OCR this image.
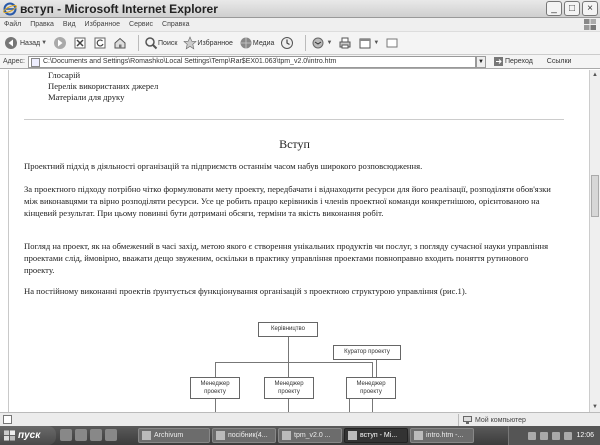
вступ - Microsoft Internet Explorer	_	□	×
Файл Правка Вид Избранное Сервис Справка
Назад ▼	Поиск	Избранное	Медиа	▼	▼
Адрес:	C:\Documents and Settings\Romashko\Local Settings\Temp\Rar$EX01.063\tpm_v2.0\intro.htm	▼	Переход Ссылки
Глосарій
Перелік використаних джерел
Матеріали для друку
Вступ
Проектний підхід в діяльності організацій та підприємств останнім часом набув широкого розповсюдження.
За проектного підходу потрібно чітко формулювати мету проекту, передбачати і віднаходити ресурси для його реалізації, розподіляти обов'язки між виконавцями та вірно розподіляти ресурси. Усе це робить працю керівників і членів проектної команди конкретнішою, орієнтованою на кінцевий результат. При цьому повинні бути дотримані обсяги, терміни та якість виконання робіт.
Погляд на проект, як на обмежений в часі захід, метою якого є створення унікальних продуктів чи послуг, з погляду сучасної науки управління проектами слід, ймовірно, вважати дещо звуженим, оскільки в практику управління проектами повноправно входить поняття рутинового проекту.
На постійному виконанні проектів ґрунтується функціонування організацій з проектною структурою управління (рис.1).
Керівництво
Куратор проекту
Менеджер проекту
Менеджер проекту
Менеджер проекту
▲
▼
Мой компьютер
пуск	Archivum	посібник(4...	tpm_v2.0 ...	вступ - Mi...	intro.htm -...	12:06
